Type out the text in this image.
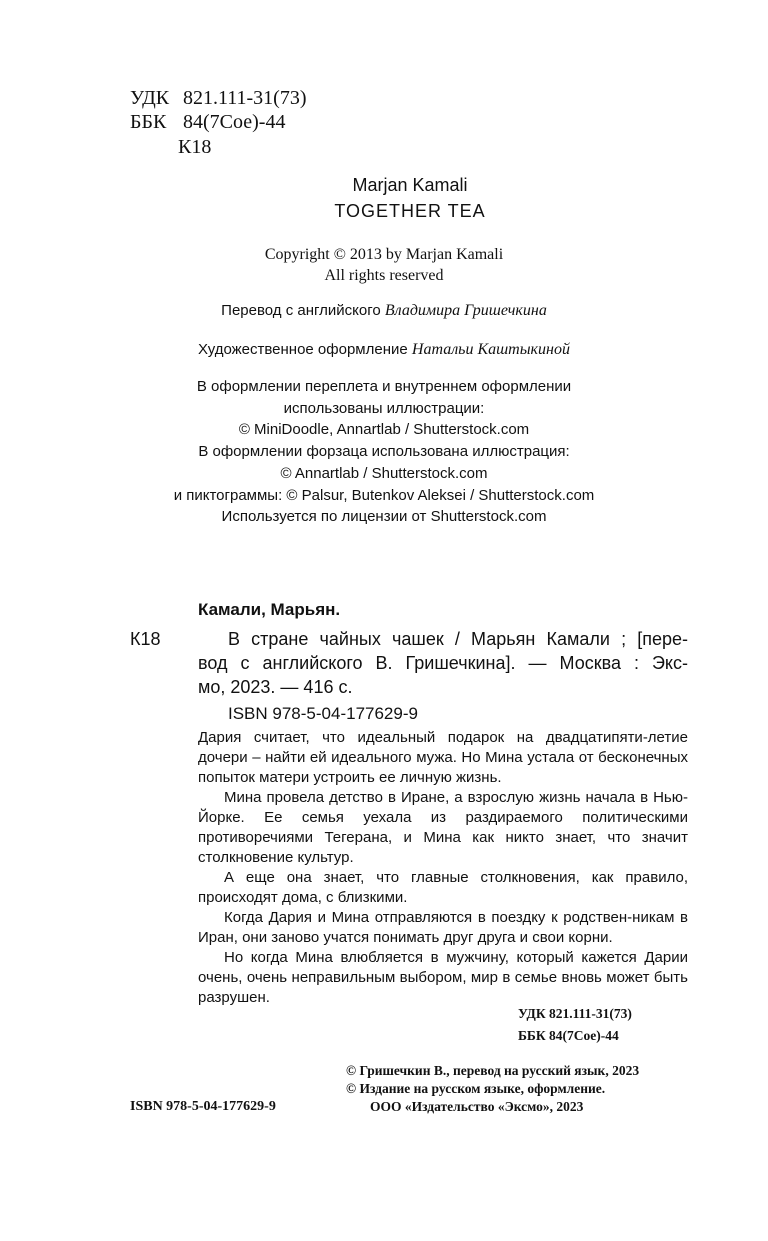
УДК 821.111-31(73)
ББК 84(7Сое)-44
К18
Marjan Kamali
TOGETHER TEA
Copyright © 2013 by Marjan Kamali
All rights reserved
Перевод с английского Владимира Гришечкина
Художественное оформление Натальи Каштыкиной
В оформлении переплета и внутреннем оформлении
использованы иллюстрации:
© MiniDoodle, Annartlab / Shutterstock.com
В оформлении форзаца использована иллюстрация:
© Annartlab / Shutterstock.com
и пиктограммы: © Palsur, Butenkov Aleksei / Shutterstock.com
Используется по лицензии от Shutterstock.com
Камали, Марьян.
К18	В стране чайных чашек / Марьян Камали ; [пере-
вод с английского В. Гришечкина]. — Москва : Экс-
мо, 2023. — 416 с.
ISBN 978-5-04-177629-9

Дария считает, что идеальный подарок на двадцатипяти-летие дочери – найти ей идеального мужа. Но Мина устала от бесконечных попыток матери устроить ее личную жизнь.

Мина провела детство в Иране, а взрослую жизнь начала в Нью-Йорке. Ее семья уехала из раздираемого политическими противоречиями Тегерана, и Мина как никто знает, что значит столкновение культур.

А еще она знает, что главные столкновения, как правило, происходят дома, с близкими.

Когда Дария и Мина отправляются в поездку к родствен-никам в Иран, они заново учатся понимать друг друга и свои корни.

Но когда Мина влюбляется в мужчину, который кажется Дарии очень, очень неправильным выбором, мир в семье вновь может быть разрушен.

УДК 821.111-31(73)
ББК 84(7Сое)-44
ISBN 978-5-04-177629-9
© Гришечкин В., перевод на русский язык, 2023
© Издание на русском языке, оформление.
ООО «Издательство «Эксмо», 2023
